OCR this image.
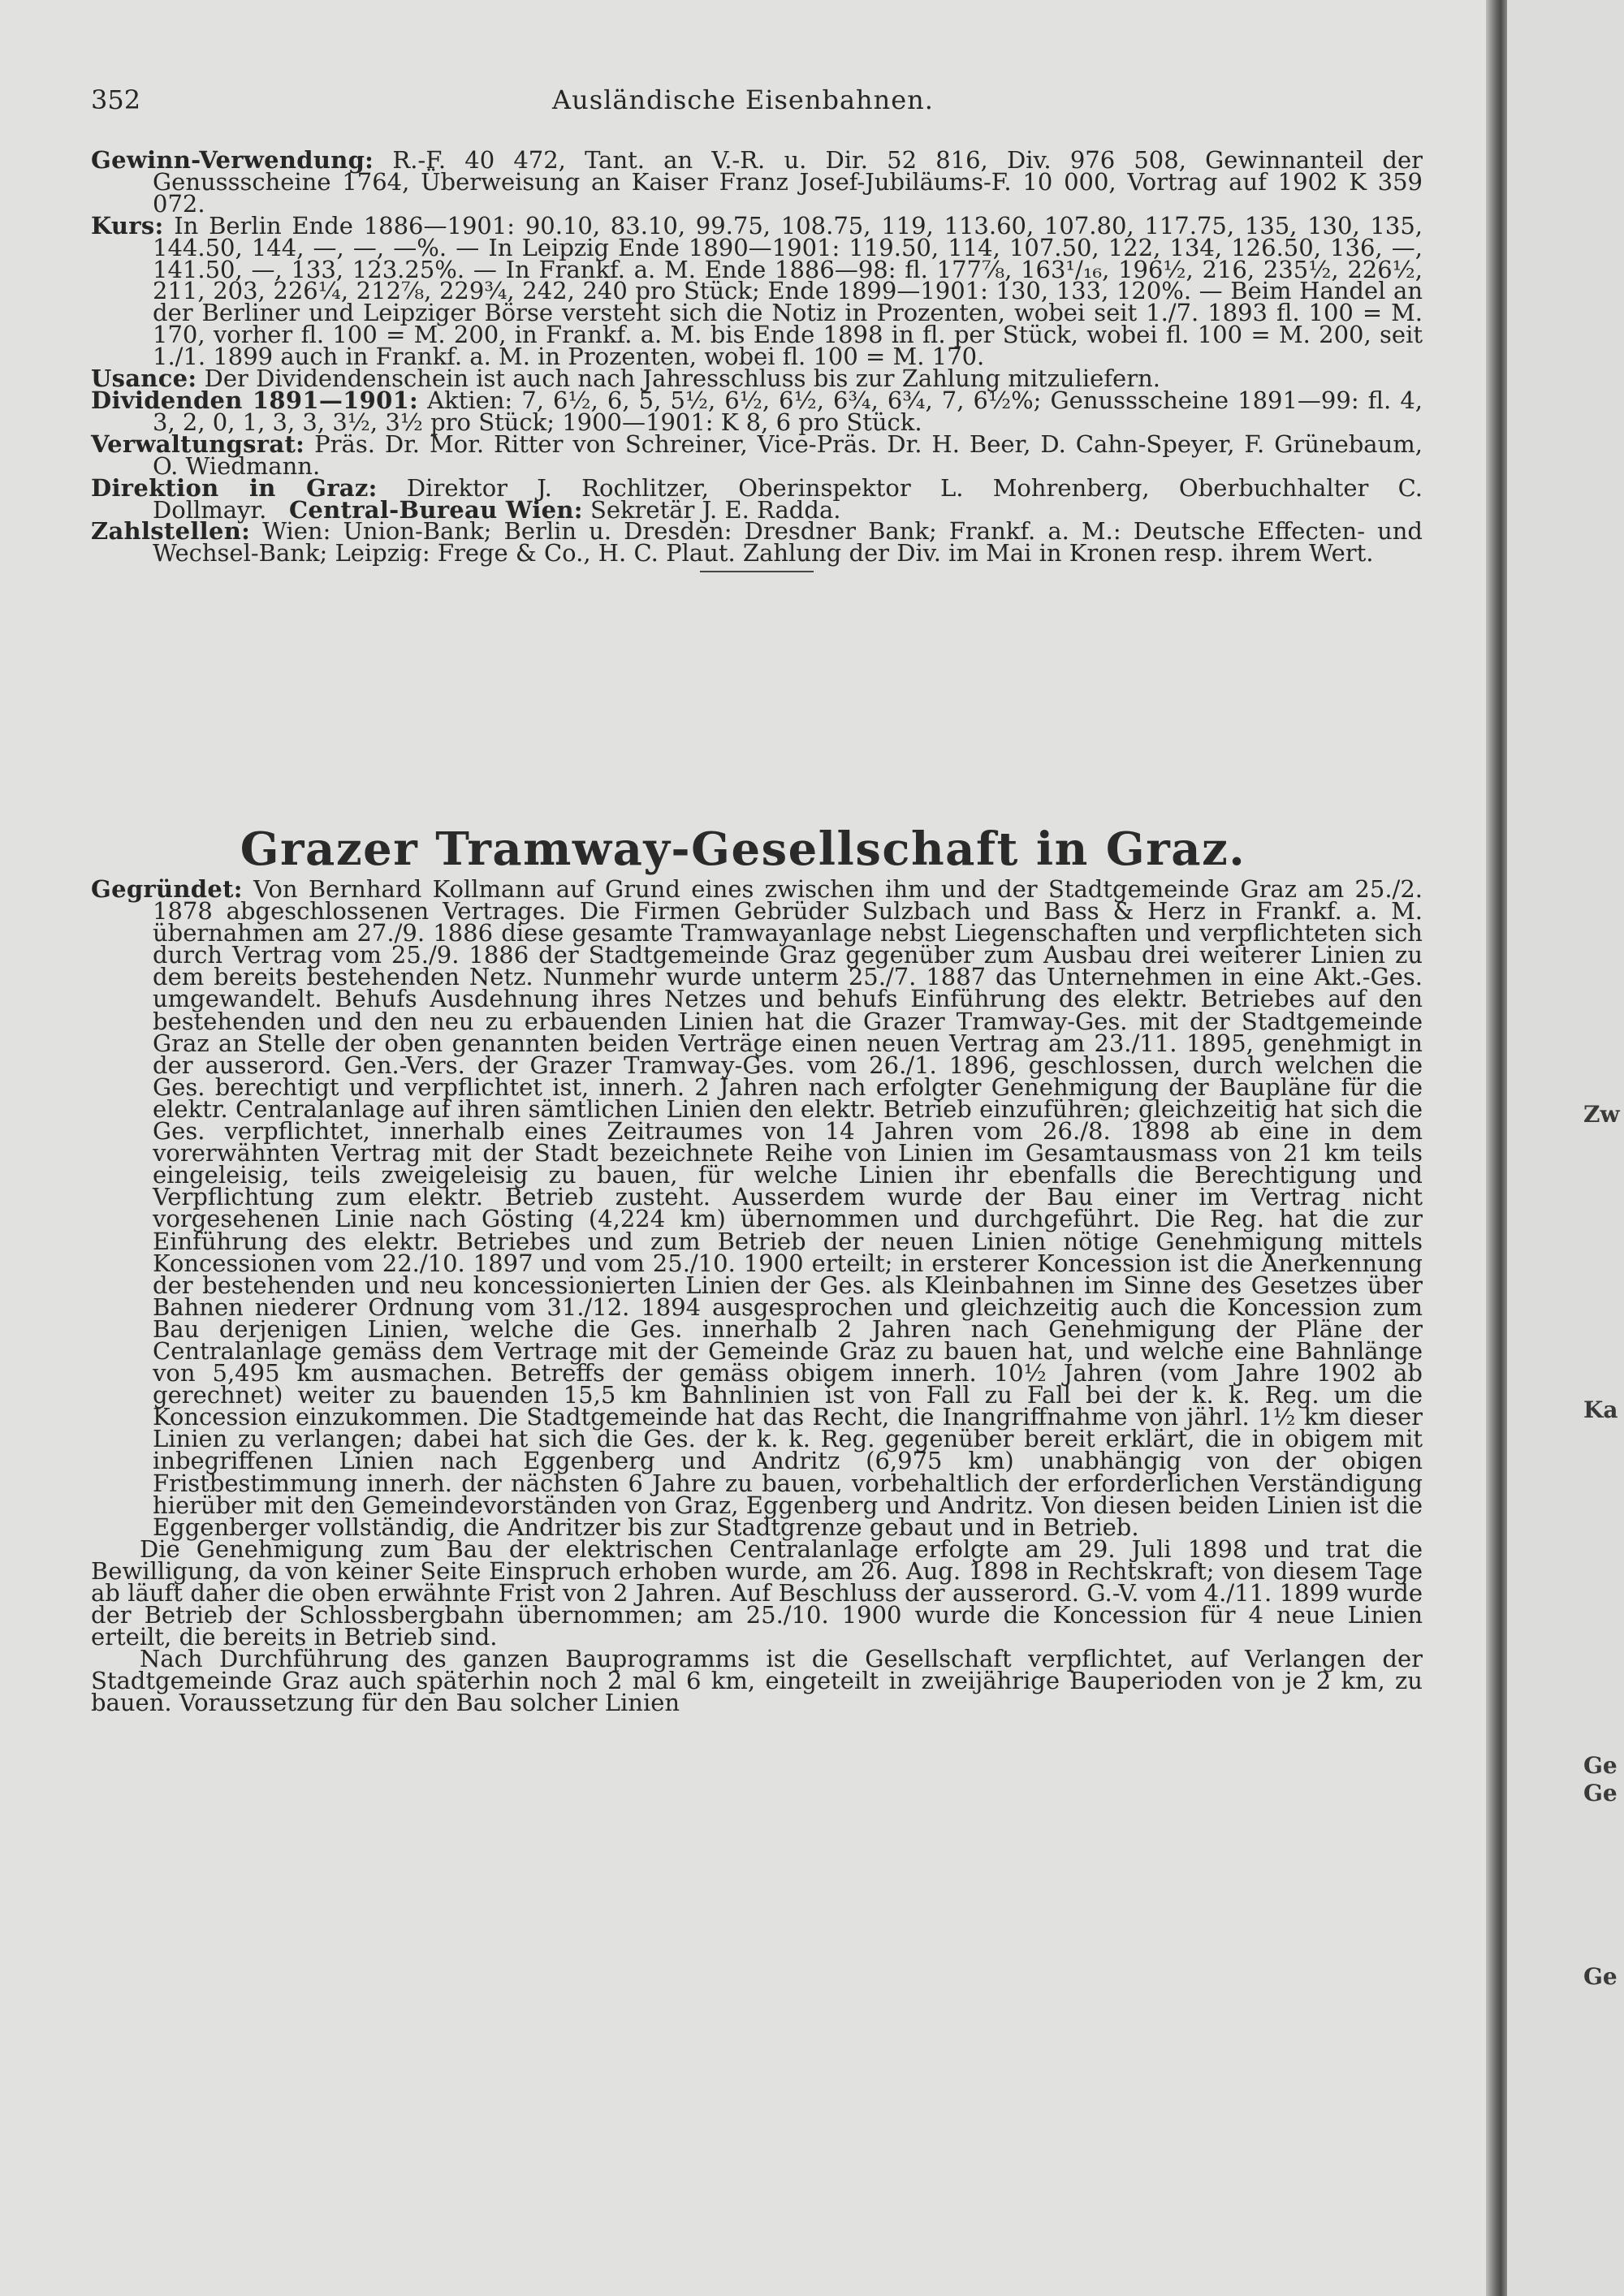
Zw
Ka
Ge
Ge
Ge
352	Ausländische Eisenbahnen.

Gewinn-Verwendung: R.-F. 40 472, Tant. an V.-R. u. Dir. 52 816, Div. 976 508, Gewinnanteil der Genussscheine 1764, Überweisung an Kaiser Franz Josef-Jubiläums-F. 10 000, Vortrag auf 1902 K 359 072.

Kurs: In Berlin Ende 1886—1901: 90.10, 83.10, 99.75, 108.75, 119, 113.60, 107.80, 117.75, 135, 130, 135, 144.50, 144, —, —, —%. — In Leipzig Ende 1890—1901: 119.50, 114, 107.50, 122, 134, 126.50, 136, —, 141.50, —, 133, 123.25%. — In Frankf. a. M. Ende 1886—98: fl. 177⅞, 163¹/₁₆, 196½, 216, 235½, 226½, 211, 203, 226¼, 212⅞, 229¾, 242, 240 pro Stück; Ende 1899—1901: 130, 133, 120%. — Beim Handel an der Berliner und Leipziger Börse versteht sich die Notiz in Prozenten, wobei seit 1./7. 1893 fl. 100 = M. 170, vorher fl. 100 = M. 200, in Frankf. a. M. bis Ende 1898 in fl. per Stück, wobei fl. 100 = M. 200, seit 1./1. 1899 auch in Frankf. a. M. in Prozenten, wobei fl. 100 = M. 170.

Usance: Der Dividendenschein ist auch nach Jahresschluss bis zur Zahlung mitzuliefern.

Dividenden 1891—1901: Aktien: 7, 6½, 6, 5, 5½, 6½, 6½, 6¾, 6¾, 7, 6½%; Genussscheine 1891—99: fl. 4, 3, 2, 0, 1, 3, 3, 3½, 3½ pro Stück; 1900—1901: K 8, 6 pro Stück.

Verwaltungsrat: Präs. Dr. Mor. Ritter von Schreiner, Vice-Präs. Dr. H. Beer, D. Cahn-Speyer, F. Grünebaum, O. Wiedmann.

Direktion in Graz: Direktor J. Rochlitzer, Oberinspektor L. Mohrenberg, Oberbuchhalter C. Dollmayr. Central-Bureau Wien: Sekretär J. E. Radda.

Zahlstellen: Wien: Union-Bank; Berlin u. Dresden: Dresdner Bank; Frankf. a. M.: Deutsche Effecten- und Wechsel-Bank; Leipzig: Frege & Co., H. C. Plaut. Zahlung der Div. im Mai in Kronen resp. ihrem Wert.

Grazer Tramway-Gesellschaft in Graz.

Gegründet: Von Bernhard Kollmann auf Grund eines zwischen ihm und der Stadtgemeinde Graz am 25./2. 1878 abgeschlossenen Vertrages. Die Firmen Gebrüder Sulzbach und Bass & Herz in Frankf. a. M. übernahmen am 27./9. 1886 diese gesamte Tramwayanlage nebst Liegenschaften und verpflichteten sich durch Vertrag vom 25./9. 1886 der Stadtgemeinde Graz gegenüber zum Ausbau drei weiterer Linien zu dem bereits bestehenden Netz. Nunmehr wurde unterm 25./7. 1887 das Unternehmen in eine Akt.-Ges. umgewandelt. Behufs Ausdehnung ihres Netzes und behufs Einführung des elektr. Betriebes auf den bestehenden und den neu zu erbauenden Linien hat die Grazer Tramway-Ges. mit der Stadtgemeinde Graz an Stelle der oben genannten beiden Verträge einen neuen Vertrag am 23./11. 1895, genehmigt in der ausserord. Gen.-Vers. der Grazer Tramway-Ges. vom 26./1. 1896, geschlossen, durch welchen die Ges. berechtigt und verpflichtet ist, innerh. 2 Jahren nach erfolgter Genehmigung der Baupläne für die elektr. Centralanlage auf ihren sämtlichen Linien den elektr. Betrieb einzuführen; gleichzeitig hat sich die Ges. verpflichtet, innerhalb eines Zeitraumes von 14 Jahren vom 26./8. 1898 ab eine in dem vorerwähnten Vertrag mit der Stadt bezeichnete Reihe von Linien im Gesamtausmass von 21 km teils eingeleisig, teils zweigeleisig zu bauen, für welche Linien ihr ebenfalls die Berechtigung und Verpflichtung zum elektr. Betrieb zusteht. Ausserdem wurde der Bau einer im Vertrag nicht vorgesehenen Linie nach Gösting (4,224 km) übernommen und durchgeführt. Die Reg. hat die zur Einführung des elektr. Betriebes und zum Betrieb der neuen Linien nötige Genehmigung mittels Koncessionen vom 22./10. 1897 und vom 25./10. 1900 erteilt; in ersterer Koncession ist die Anerkennung der bestehenden und neu koncessionierten Linien der Ges. als Kleinbahnen im Sinne des Gesetzes über Bahnen niederer Ordnung vom 31./12. 1894 ausgesprochen und gleichzeitig auch die Koncession zum Bau derjenigen Linien, welche die Ges. innerhalb 2 Jahren nach Genehmigung der Pläne der Centralanlage gemäss dem Vertrage mit der Gemeinde Graz zu bauen hat, und welche eine Bahnlänge von 5,495 km ausmachen. Betreffs der gemäss obigem innerh. 10½ Jahren (vom Jahre 1902 ab gerechnet) weiter zu bauenden 15,5 km Bahnlinien ist von Fall zu Fall bei der k. k. Reg. um die Koncession einzukommen. Die Stadtgemeinde hat das Recht, die Inangriffnahme von jährl. 1½ km dieser Linien zu verlangen; dabei hat sich die Ges. der k. k. Reg. gegenüber bereit erklärt, die in obigem mit inbegriffenen Linien nach Eggenberg und Andritz (6,975 km) unabhängig von der obigen Fristbestimmung innerh. der nächsten 6 Jahre zu bauen, vorbehaltlich der erforderlichen Verständigung hierüber mit den Gemeindevorständen von Graz, Eggenberg und Andritz. Von diesen beiden Linien ist die Eggenberger vollständig, die Andritzer bis zur Stadtgrenze gebaut und in Betrieb.

Die Genehmigung zum Bau der elektrischen Centralanlage erfolgte am 29. Juli 1898 und trat die Bewilligung, da von keiner Seite Einspruch erhoben wurde, am 26. Aug. 1898 in Rechtskraft; von diesem Tage ab läuft daher die oben erwähnte Frist von 2 Jahren. Auf Beschluss der ausserord. G.-V. vom 4./11. 1899 wurde der Betrieb der Schlossbergbahn übernommen; am 25./10. 1900 wurde die Koncession für 4 neue Linien erteilt, die bereits in Betrieb sind.

Nach Durchführung des ganzen Bauprogramms ist die Gesellschaft verpflichtet, auf Verlangen der Stadtgemeinde Graz auch späterhin noch 2 mal 6 km, eingeteilt in zweijährige Bauperioden von je 2 km, zu bauen. Voraussetzung für den Bau solcher Linien
